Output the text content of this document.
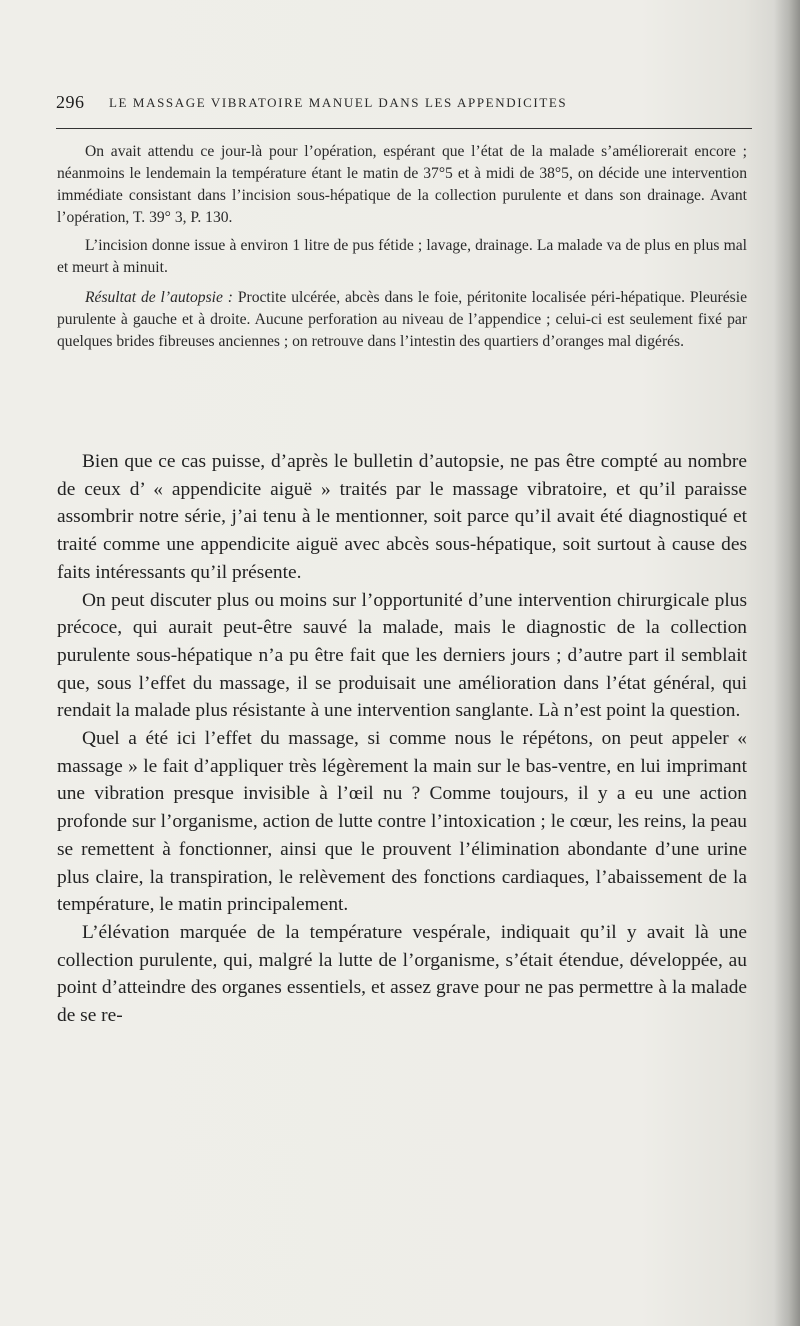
296 LE MASSAGE VIBRATOIRE MANUEL DANS LES APPENDICITES

On avait attendu ce jour-là pour l’opération, espérant que l’état de la malade s’améliorerait encore ; néanmoins le lendemain la température étant le matin de 37°5 et à midi de 38°5, on décide une intervention immédiate consistant dans l’incision sous-hépatique de la collection purulente et dans son drainage. Avant l’opération, T. 39° 3, P. 130.

L’incision donne issue à environ 1 litre de pus fétide ; lavage, drainage. La malade va de plus en plus mal et meurt à minuit.

Résultat de l’autopsie : Proctite ulcérée, abcès dans le foie, péritonite localisée péri-hépatique. Pleurésie purulente à gauche et à droite. Aucune perforation au niveau de l’appendice ; celui-ci est seulement fixé par quelques brides fibreuses anciennes ; on retrouve dans l’intestin des quartiers d’oranges mal digérés.

Bien que ce cas puisse, d’après le bulletin d’autopsie, ne pas être compté au nombre de ceux d’ « appendicite aiguë » traités par le massage vibratoire, et qu’il paraisse assombrir notre série, j’ai tenu à le mentionner, soit parce qu’il avait été diagnostiqué et traité comme une appendicite aiguë avec abcès sous-hépatique, soit surtout à cause des faits intéressants qu’il présente.

On peut discuter plus ou moins sur l’opportunité d’une intervention chirurgicale plus précoce, qui aurait peut-être sauvé la malade, mais le diagnostic de la collection purulente sous-hépatique n’a pu être fait que les derniers jours ; d’autre part il semblait que, sous l’effet du massage, il se produisait une amélioration dans l’état général, qui rendait la malade plus résistante à une intervention sanglante. Là n’est point la question.

Quel a été ici l’effet du massage, si comme nous le répétons, on peut appeler « massage » le fait d’appliquer très légèrement la main sur le bas-ventre, en lui imprimant une vibration presque invisible à l’œil nu ? Comme toujours, il y a eu une action profonde sur l’organisme, action de lutte contre l’intoxication ; le cœur, les reins, la peau se remettent à fonctionner, ainsi que le prouvent l’élimination abondante d’une urine plus claire, la transpiration, le relèvement des fonctions cardiaques, l’abaissement de la température, le matin principalement.

L’élévation marquée de la température vespérale, indiquait qu’il y avait là une collection purulente, qui, malgré la lutte de l’organisme, s’était étendue, développée, au point d’atteindre des organes essentiels, et assez grave pour ne pas permettre à la malade de se re-
